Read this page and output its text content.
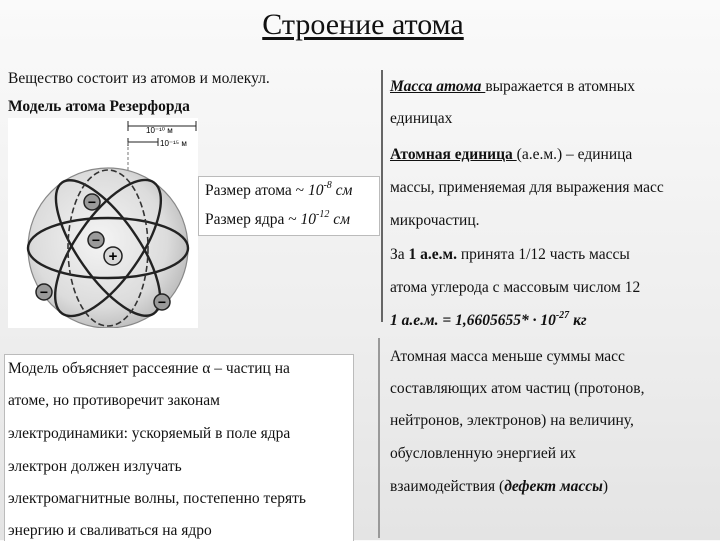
Строение атома
Вещество состоит из атомов и молекул.
Модель атома Резерфорда
10⁻¹⁰ м
10⁻¹⁵ м
+
−
−
−
−
Размер атома ~ $10^{-8}$ см
Размер ядра ~ $10^{-12}$ см
Модель объясняет рассеяние α – частиц на
атоме, но противоречит законам
электродинамики: ускоряемый в поле ядра
электрон должен излучать
электромагнитные волны, постепенно терять
энергию и сваливаться на ядро
Масса атома выражается в атомных
единицах
Атомная единица (а.е.м.) – единица
массы, применяемая для выражения масс
микрочастиц.
За 1 а.е.м. принята 1/12 часть массы
атома углерода с массовым числом 12
1 а.е.м. = $1,6605655* \cdot 10^{-27}$ кг
Атомная масса меньше суммы масс
составляющих атом частиц (протонов,
нейтронов, электронов) на величину,
обусловленную энергией их
взаимодействия (дефект массы)
